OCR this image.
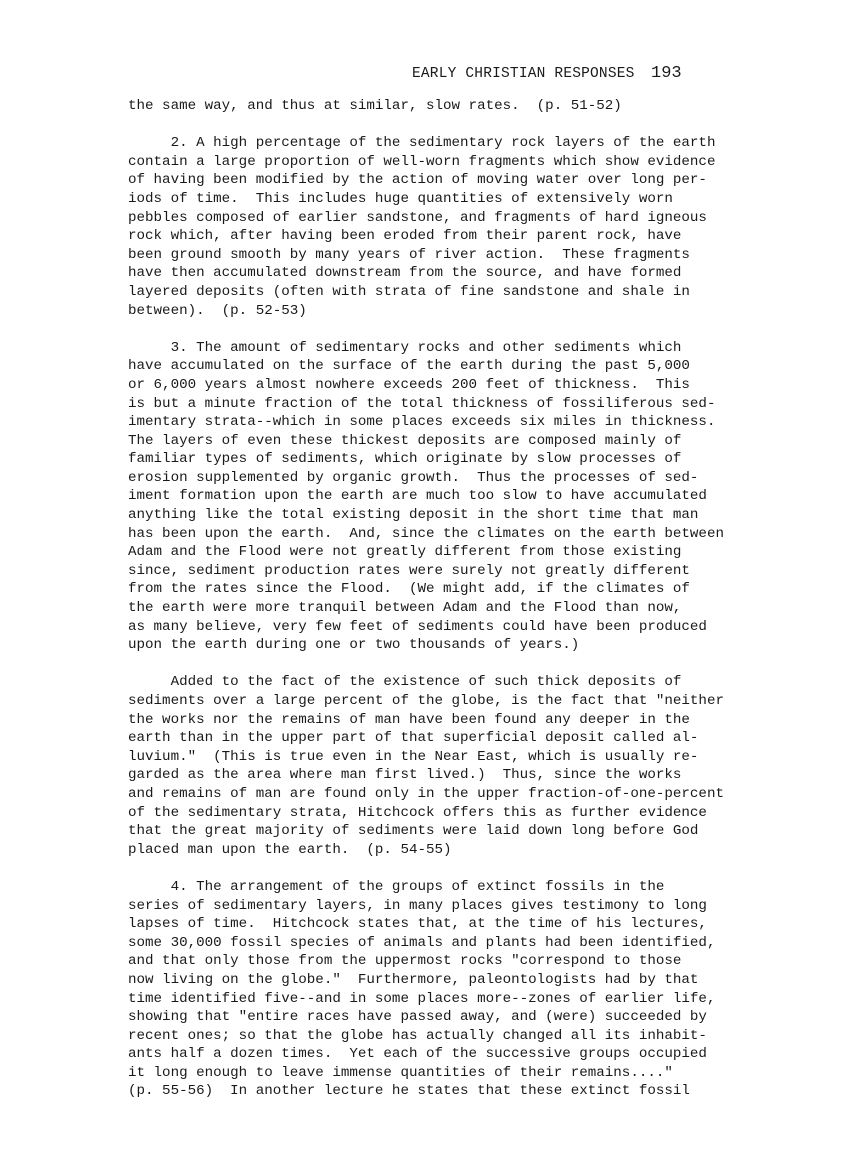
EARLY CHRISTIAN RESPONSES 193
the same way, and thus at similar, slow rates.  (p. 51-52)
2. A high percentage of the sedimentary rock layers of the earth
contain a large proportion of well-worn fragments which show evidence
of having been modified by the action of moving water over long per-
iods of time.  This includes huge quantities of extensively worn
pebbles composed of earlier sandstone, and fragments of hard igneous
rock which, after having been eroded from their parent rock, have
been ground smooth by many years of river action.  These fragments
have then accumulated downstream from the source, and have formed
layered deposits (often with strata of fine sandstone and shale in
between).  (p. 52-53)
3. The amount of sedimentary rocks and other sediments which
have accumulated on the surface of the earth during the past 5,000
or 6,000 years almost nowhere exceeds 200 feet of thickness.  This
is but a minute fraction of the total thickness of fossiliferous sed-
imentary strata--which in some places exceeds six miles in thickness.
The layers of even these thickest deposits are composed mainly of
familiar types of sediments, which originate by slow processes of
erosion supplemented by organic growth.  Thus the processes of sed-
iment formation upon the earth are much too slow to have accumulated
anything like the total existing deposit in the short time that man
has been upon the earth.  And, since the climates on the earth between
Adam and the Flood were not greatly different from those existing
since, sediment production rates were surely not greatly different
from the rates since the Flood.  (We might add, if the climates of
the earth were more tranquil between Adam and the Flood than now,
as many believe, very few feet of sediments could have been produced
upon the earth during one or two thousands of years.)
Added to the fact of the existence of such thick deposits of
sediments over a large percent of the globe, is the fact that "neither
the works nor the remains of man have been found any deeper in the
earth than in the upper part of that superficial deposit called al-
luvium."  (This is true even in the Near East, which is usually re-
garded as the area where man first lived.)  Thus, since the works
and remains of man are found only in the upper fraction-of-one-percent
of the sedimentary strata, Hitchcock offers this as further evidence
that the great majority of sediments were laid down long before God
placed man upon the earth.  (p. 54-55)
4. The arrangement of the groups of extinct fossils in the
series of sedimentary layers, in many places gives testimony to long
lapses of time.  Hitchcock states that, at the time of his lectures,
some 30,000 fossil species of animals and plants had been identified,
and that only those from the uppermost rocks "correspond to those
now living on the globe."  Furthermore, paleontologists had by that
time identified five--and in some places more--zones of earlier life,
showing that "entire races have passed away, and (were) succeeded by
recent ones; so that the globe has actually changed all its inhabit-
ants half a dozen times.  Yet each of the successive groups occupied
it long enough to leave immense quantities of their remains...."
(p. 55-56)  In another lecture he states that these extinct fossil
